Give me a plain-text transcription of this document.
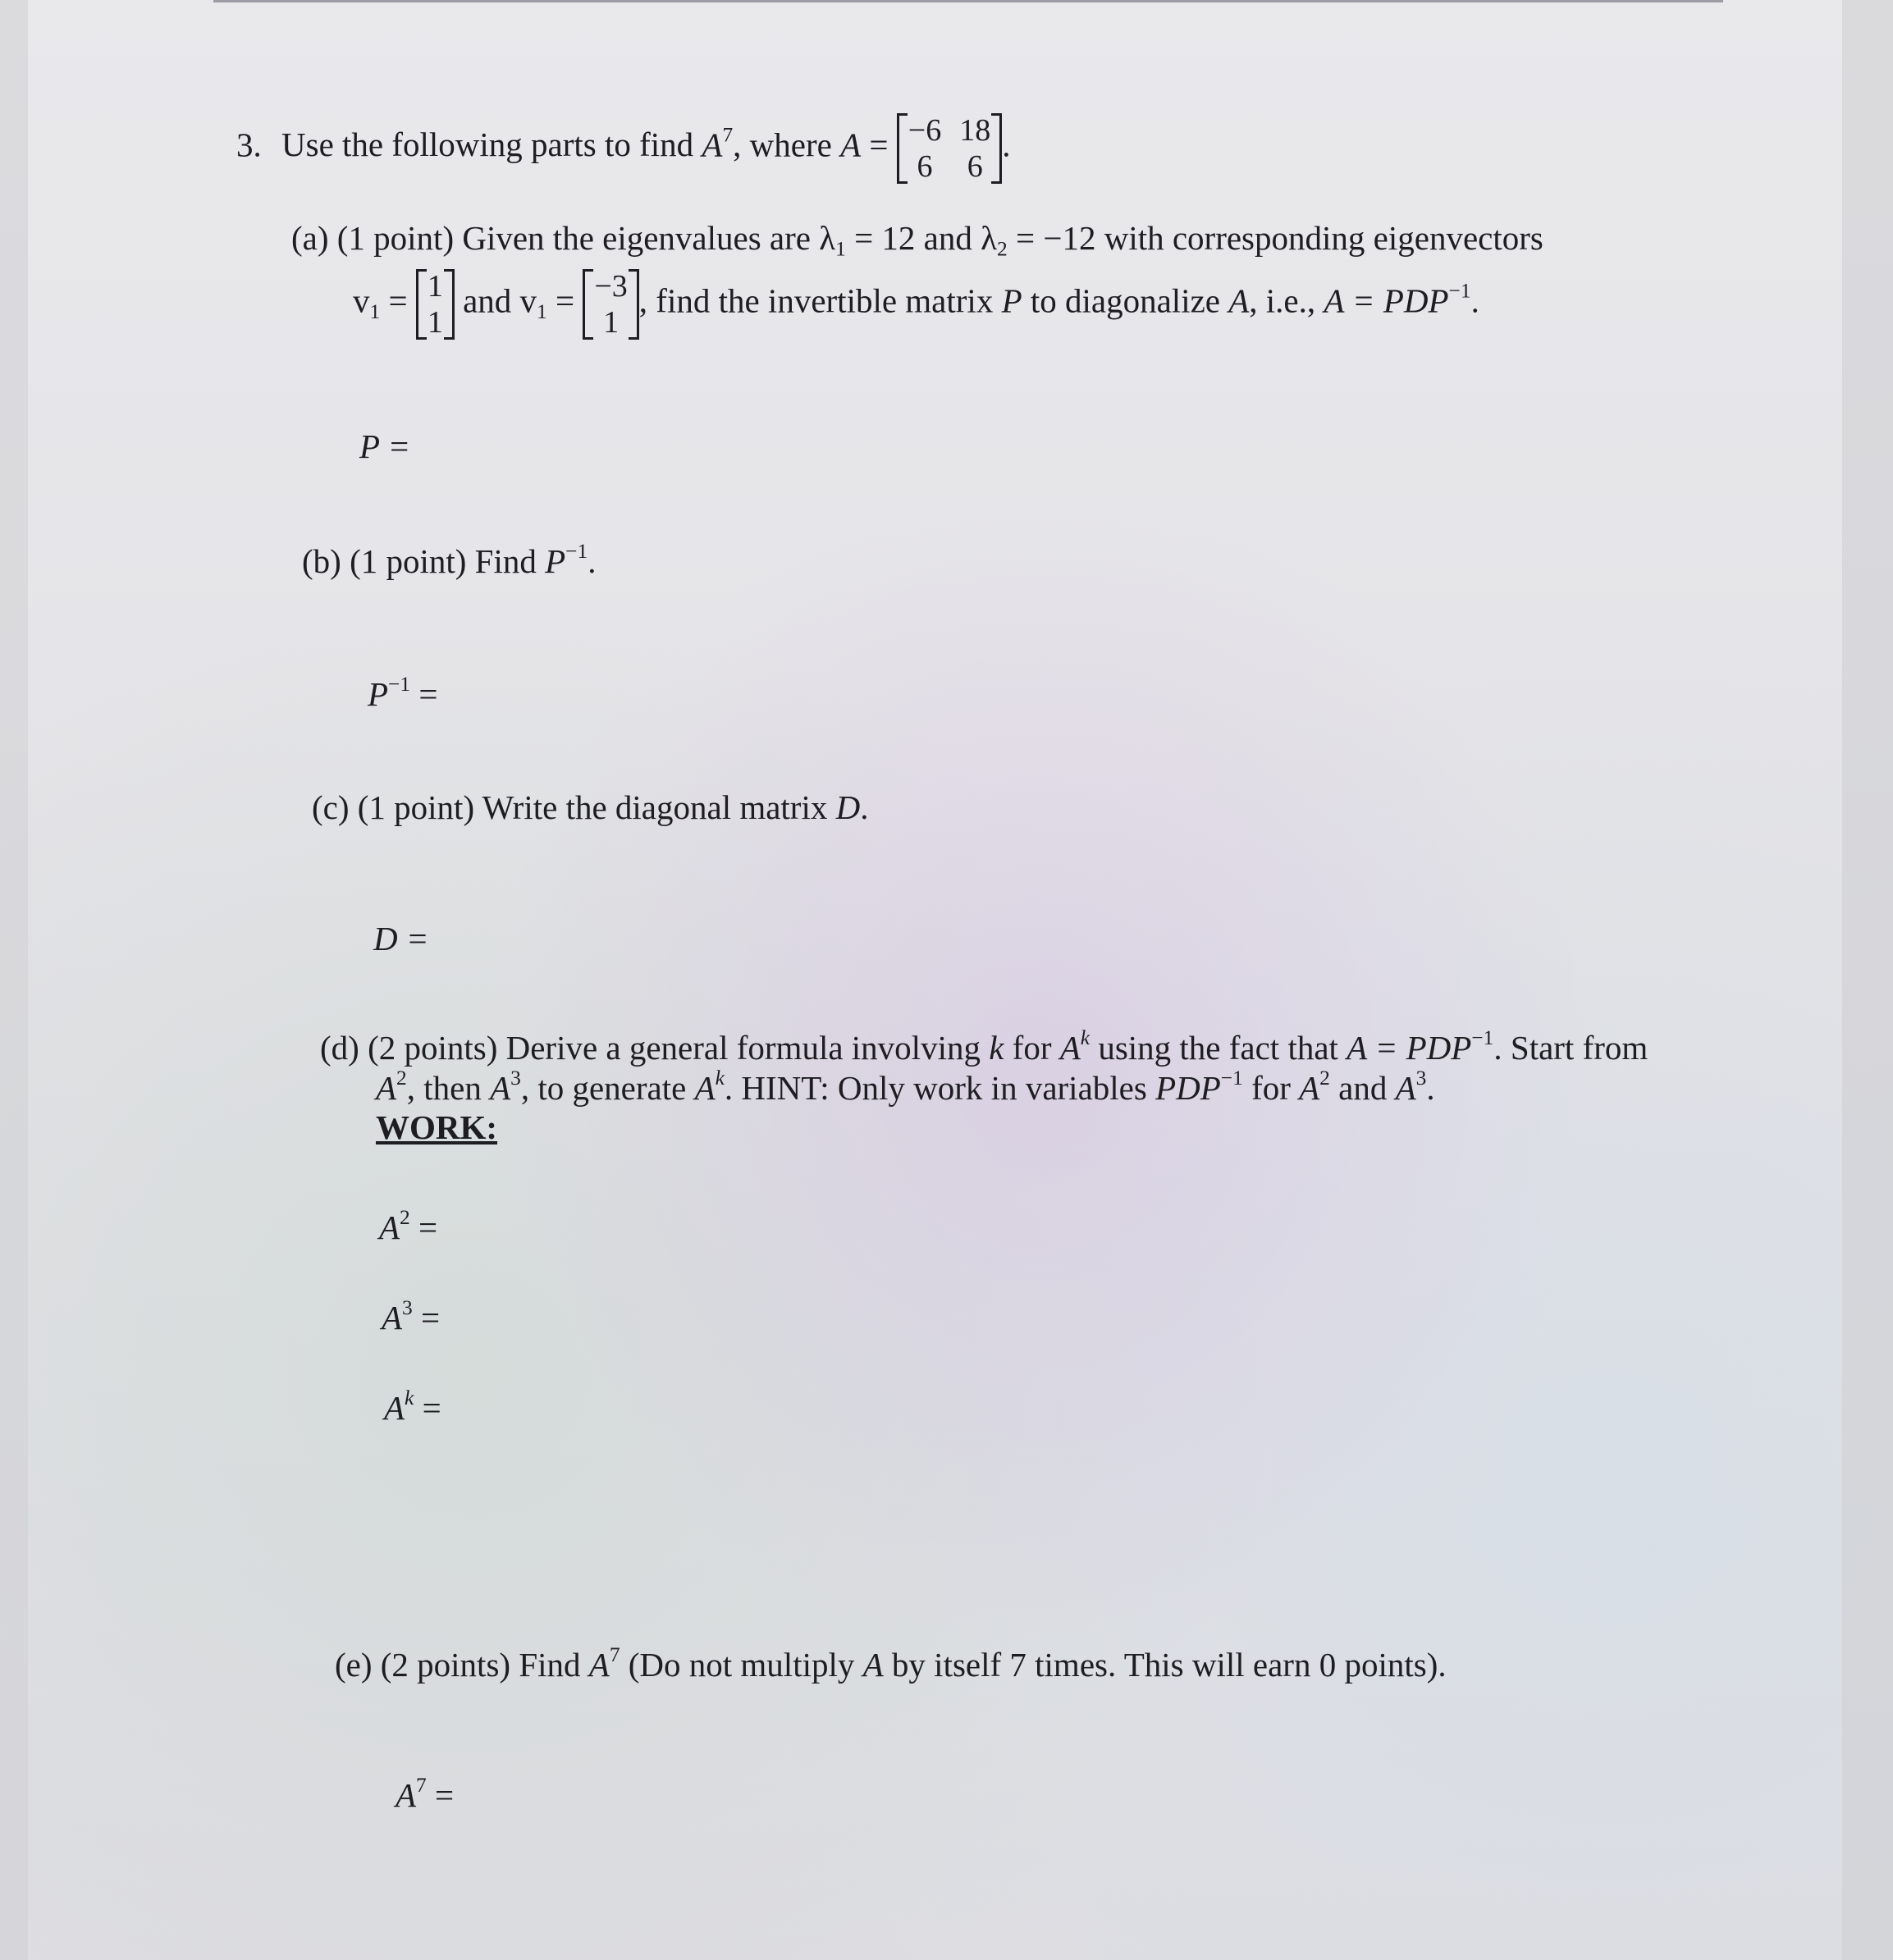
3. Use the following parts to find $A^7$, where A = −6 18
6 6
.
(a) (1 point) Given the eigenvalues are $\lambda_1 = 12$ and $\lambda_2 = -12$ with corresponding eigenvectors
$v_1 = 1$
1
and $v_1 = -3$
1
, find the invertible matrix P to diagonalize A, i.e., $A = PDP^{-1}$.
P =
(b) (1 point) Find $P^{-1}$.
$P^{-1}$ =
(c) (1 point) Write the diagonal matrix D.
D =
(d) (2 points) Derive a general formula involving k for $A^k$ using the fact that $A = PDP^{-1}$. Start from
$A^2$, then $A^3$, to generate $A^k$. HINT: Only work in variables $PDP^{-1}$ for $A^2$ and $A^3$.
WORK:
$A^2$ =
$A^3$ =
$A^k$ =
(e) (2 points) Find $A^7$ (Do not multiply A by itself 7 times. This will earn 0 points).
$A^7$ =
